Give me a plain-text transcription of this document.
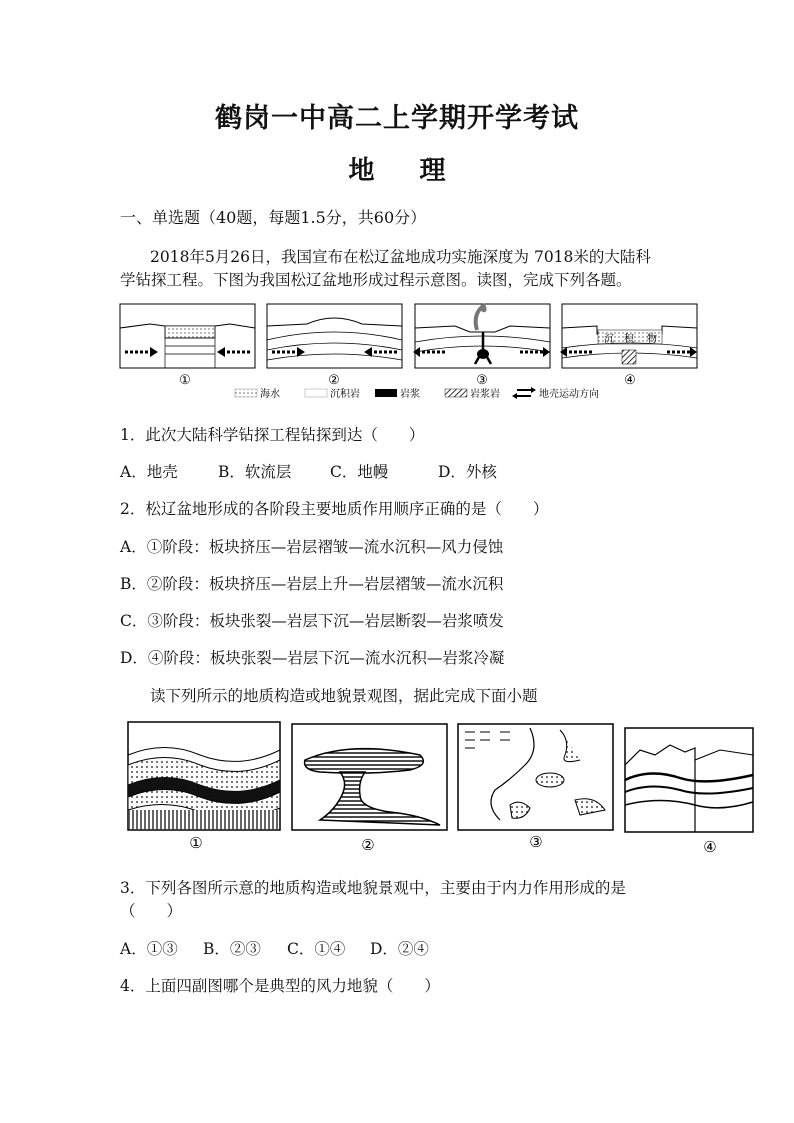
鹤岗一中高二上学期开学考试
地 理
一、单选题（40题，每题1.5分，共60分）
2018年5月26日，我国宣布在松辽盆地成功实施深度为 7018米的大陆科
学钻探工程。下图为我国松辽盆地形成过程示意图。读图，完成下列各题。
①	②	③
沉 积 物
④
海水	沉积岩	岩浆	岩浆岩	地壳运动方向
1．此次大陆科学钻探工程钻探到达（　　）
A．地壳	B．软流层 C．地幔	D．外核
2．松辽盆地形成的各阶段主要地质作用顺序正确的是（　　）
A．①阶段：板块挤压—岩层褶皱—流水沉积—风力侵蚀
B．②阶段：板块挤压—岩层上升—岩层褶皱—流水沉积
C．③阶段：板块张裂—岩层下沉—岩层断裂—岩浆喷发
D．④阶段：板块张裂—岩层下沉—流水沉积—岩浆冷凝
读下列所示的地质构造或地貌景观图，据此完成下面小题
①	②	③	④
3．下列各图所示意的地质构造或地貌景观中，主要由于内力作用形成的是
（　　）
A．①③ B．②③ C．①④ D．②④
4．上面四副图哪个是典型的风力地貌（　　）
